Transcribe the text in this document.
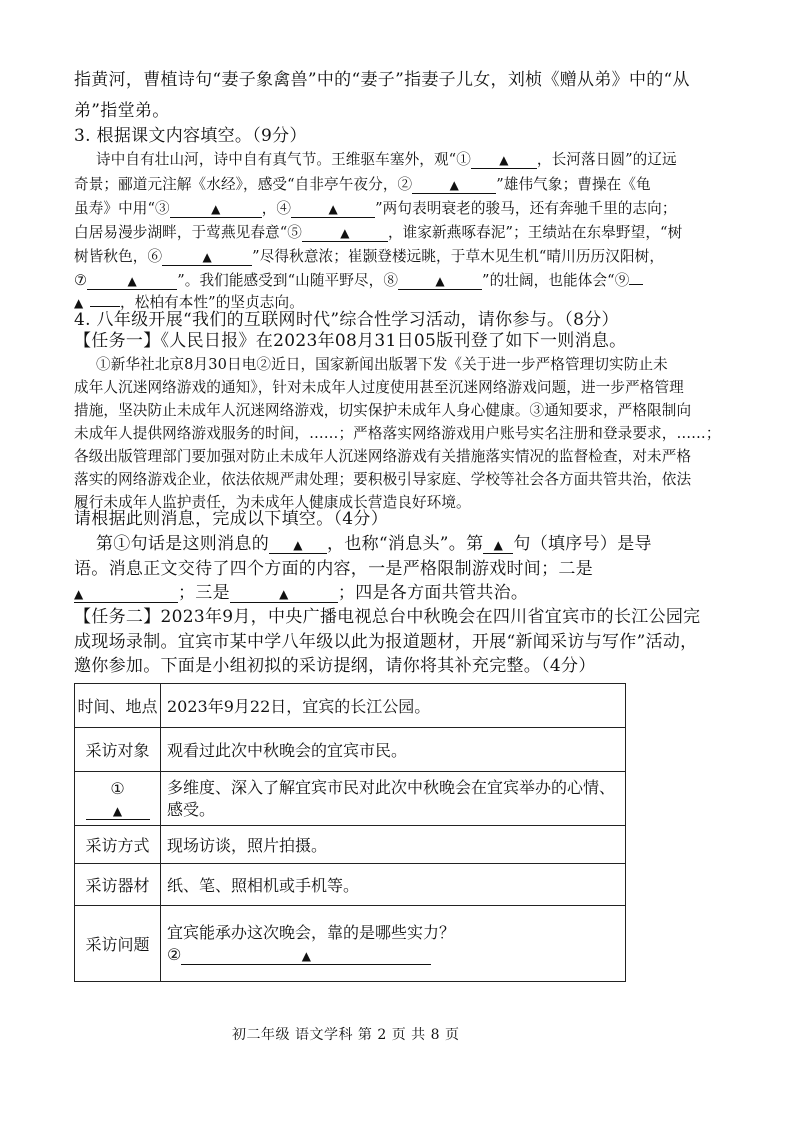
指黄河，曹植诗句“妻子象禽兽”中的“妻子”指妻子儿女，刘桢《赠从弟》中的“从
弟”指堂弟。
3. 根据课文内容填空。（9分）
诗中自有壮山河，诗中自有真气节。王维驱车塞外，观“① ▲ ，长河落日圆”的辽远
奇景；郦道元注解《水经》，感受“自非亭午夜分，②	▲	”雄伟气象；曹操在《龟
虽寿》中用“③	▲	，④	▲	”两句表明衰老的骏马，还有奔驰千里的志向；
白居易漫步湖畔，于莺燕见春意“⑤	▲	，谁家新燕啄春泥”；王绩站在东皋野望，“树
树皆秋色，⑥	▲	”尽得秋意浓；崔颢登楼远眺，于草木见生机“晴川历历汉阳树，
⑦	▲	”。我们能感受到“山随平野尽，⑧	▲	”的壮阔，也能体会“⑨
▲	，松柏有本性”的坚贞志向。
4. 八年级开展“我们的互联网时代”综合性学习活动，请你参与。（8分）
【任务一】《人民日报》在2023年08月31日05版刊登了如下一则消息。
①新华社北京8月30日电②近日，国家新闻出版署下发《关于进一步严格管理切实防止未
成年人沉迷网络游戏的通知》，针对未成年人过度使用甚至沉迷网络游戏问题，进一步严格管理
措施，坚决防止未成年人沉迷网络游戏，切实保护未成年人身心健康。③通知要求，严格限制向
未成年人提供网络游戏服务的时间，……；严格落实网络游戏用户账号实名注册和登录要求，……；
各级出版管理部门要加强对防止未成年人沉迷网络游戏有关措施落实情况的监督检查，对未严格
落实的网络游戏企业，依法依规严肃处理；要积极引导家庭、学校等社会各方面共管共治，依法
履行未成年人监护责任，为未成年人健康成长营造良好环境。
请根据此则消息，完成以下填空。（4分）
第①句话是这则消息的 ▲ ，也称“消息头”。第 ▲ 句（填序号）是导
语。消息正文交待了四个方面的内容，一是严格限制游戏时间；二是
▲	；三是	▲	；四是各方面共管共治。
【任务二】2023年9月，中央广播电视总台中秋晚会在四川省宜宾市的长江公园完
成现场录制。宜宾市某中学八年级以此为报道题材，开展“新闻采访与写作”活动，
邀你参加。下面是小组初拟的采访提纲，请你将其补充完整。（4分）
时间、地点	2023年9月22日，宜宾的长江公园。
采访对象	观看过此次中秋晚会的宜宾市民。

①
▲	多维度、深入了解宜宾市民对此次中秋晚会在宜宾举办的心情、
感受。

采访方式	现场访谈，照片拍摄。
采访器材	纸、笔、照相机或手机等。
采访问题	宜宾能承办这次晚会，靠的是哪些实力？
② ▲
初二年级 语文学科 第 2 页 共 8 页
